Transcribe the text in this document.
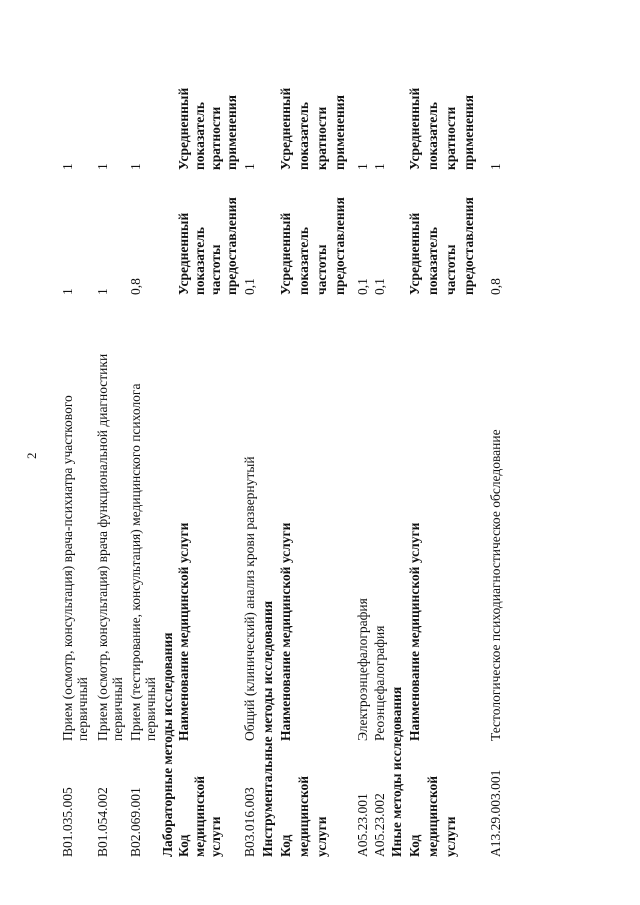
2
B01.035.005
Прием (осмотр, консультация) врача-психиатра участкового первичный
1
1
B01.054.002
Прием (осмотр, консультация) врача функциональной диагностики первичный
1
1
B02.069.001
Прием (тестирование, консультация) медицинского психолога первичный
0,8
1
Лабораторные методы исследования Код медицинской услуги
Наименование медицинской услуги
Усредненный показатель частоты предоставления
Усредненный показатель кратности применения
B03.016.003
Общий (клинический) анализ крови развернутый
0,1
1
Инструментальные методы исследования Код медицинской услуги
Наименование медицинской услуги
Усредненный показатель частоты предоставления
Усредненный показатель кратности применения
A05.23.001
Электроэнцефалография
0,1
1
A05.23.002
Реоэнцефалография
0,1
1
Иные методы исследования Код медицинской услуги
Наименование медицинской услуги
Усредненный показатель частоты предоставления
Усредненный показатель кратности применения
A13.29.003.001
Тестологическое психодиагностическое обследование
0,8
1
